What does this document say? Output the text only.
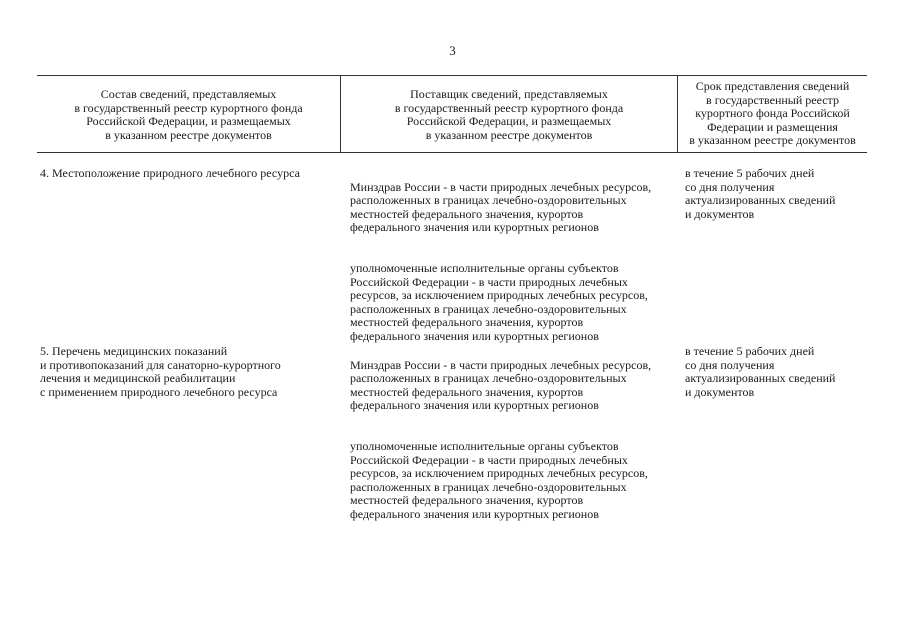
3
Состав сведений, представляемых
в государственный реестр курортного фонда
Российской Федерации, и размещаемых
в указанном реестре документов
Поставщик сведений, представляемых
в государственный реестр курортного фонда
Российской Федерации, и размещаемых
в указанном реестре документов
Срок представления сведений
в государственный реестр
курортного фонда Российской
Федерации и размещения
в указанном реестре документов
4. Местоположение природного лечебного ресурса

Минздрав России - в части природных лечебных ресурсов,
расположенных в границах лечебно-оздоровительных
местностей федерального значения, курортов
федерального значения или курортных регионов

уполномоченные исполнительные органы субъектов
Российской Федерации - в части природных лечебных
ресурсов, за исключением природных лечебных ресурсов,
расположенных в границах лечебно-оздоровительных
местностей федерального значения, курортов
федерального значения или курортных регионов

в течение 5 рабочих дней
со дня получения
актуализированных сведений
и документов
5. Перечень медицинских показаний
и противопоказаний для санаторно-курортного
лечения и медицинской реабилитации
с применением природного лечебного ресурса

Минздрав России - в части природных лечебных ресурсов,
расположенных в границах лечебно-оздоровительных
местностей федерального значения, курортов
федерального значения или курортных регионов

уполномоченные исполнительные органы субъектов
Российской Федерации - в части природных лечебных
ресурсов, за исключением природных лечебных ресурсов,
расположенных в границах лечебно-оздоровительных
местностей федерального значения, курортов
федерального значения или курортных регионов

в течение 5 рабочих дней
со дня получения
актуализированных сведений
и документов
